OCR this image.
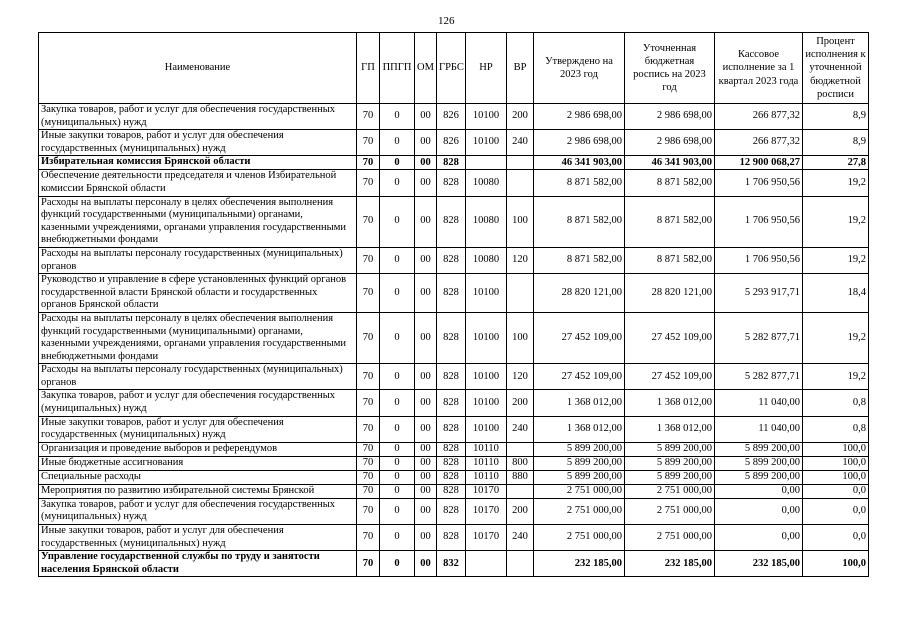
126
Наименование	ГП	ППГП	ОМ	ГРБС	НР	ВР	Утверждено на 2023 год	Уточненная бюджетная роспись на 2023 год	Кассовое исполнение за 1 квартал 2023 года	Процент исполнения к уточненной бюджетной росписи
Закупка товаров, работ и услуг для обеспечения государственных (муниципальных) нужд	70	0	00	826	10100	200	2 986 698,00	2 986 698,00	266 877,32	8,9
Иные закупки товаров, работ и услуг для обеспечения государственных (муниципальных) нужд	70	0	00	826	10100	240	2 986 698,00	2 986 698,00	266 877,32	8,9
Избирательная комиссия Брянской области	70	0	00	828			46 341 903,00	46 341 903,00	12 900 068,27	27,8
Обеспечение деятельности председателя и членов Избирательной комиссии Брянской области	70	0	00	828	10080		8 871 582,00	8 871 582,00	1 706 950,56	19,2
Расходы на выплаты персоналу в целях обеспечения выполнения функций государственными (муниципальными) органами, казенными учреждениями, органами управления государственными внебюджетными фондами	70	0	00	828	10080	100	8 871 582,00	8 871 582,00	1 706 950,56	19,2
Расходы на выплаты персоналу государственных (муниципальных) органов	70	0	00	828	10080	120	8 871 582,00	8 871 582,00	1 706 950,56	19,2
Руководство и управление в сфере установленных функций органов государственной власти Брянской области и государственных органов Брянской области	70	0	00	828	10100		28 820 121,00	28 820 121,00	5 293 917,71	18,4
Расходы на выплаты персоналу в целях обеспечения выполнения функций государственными (муниципальными) органами, казенными учреждениями, органами управления государственными внебюджетными фондами	70	0	00	828	10100	100	27 452 109,00	27 452 109,00	5 282 877,71	19,2
Расходы на выплаты персоналу государственных (муниципальных) органов	70	0	00	828	10100	120	27 452 109,00	27 452 109,00	5 282 877,71	19,2
Закупка товаров, работ и услуг для обеспечения государственных (муниципальных) нужд	70	0	00	828	10100	200	1 368 012,00	1 368 012,00	11 040,00	0,8
Иные закупки товаров, работ и услуг для обеспечения государственных (муниципальных) нужд	70	0	00	828	10100	240	1 368 012,00	1 368 012,00	11 040,00	0,8
Организация и проведение выборов и референдумов	70	0	00	828	10110		5 899 200,00	5 899 200,00	5 899 200,00	100,0
Иные бюджетные ассигнования	70	0	00	828	10110	800	5 899 200,00	5 899 200,00	5 899 200,00	100,0
Специальные расходы	70	0	00	828	10110	880	5 899 200,00	5 899 200,00	5 899 200,00	100,0
Мероприятия по развитию избирательной системы Брянской	70	0	00	828	10170		2 751 000,00	2 751 000,00	0,00	0,0
Закупка товаров, работ и услуг для обеспечения государственных (муниципальных) нужд	70	0	00	828	10170	200	2 751 000,00	2 751 000,00	0,00	0,0
Иные закупки товаров, работ и услуг для обеспечения государственных (муниципальных) нужд	70	0	00	828	10170	240	2 751 000,00	2 751 000,00	0,00	0,0
Управление государственной службы по труду и занятости населения Брянской области	70	0	00	832			232 185,00	232 185,00	232 185,00	100,0
